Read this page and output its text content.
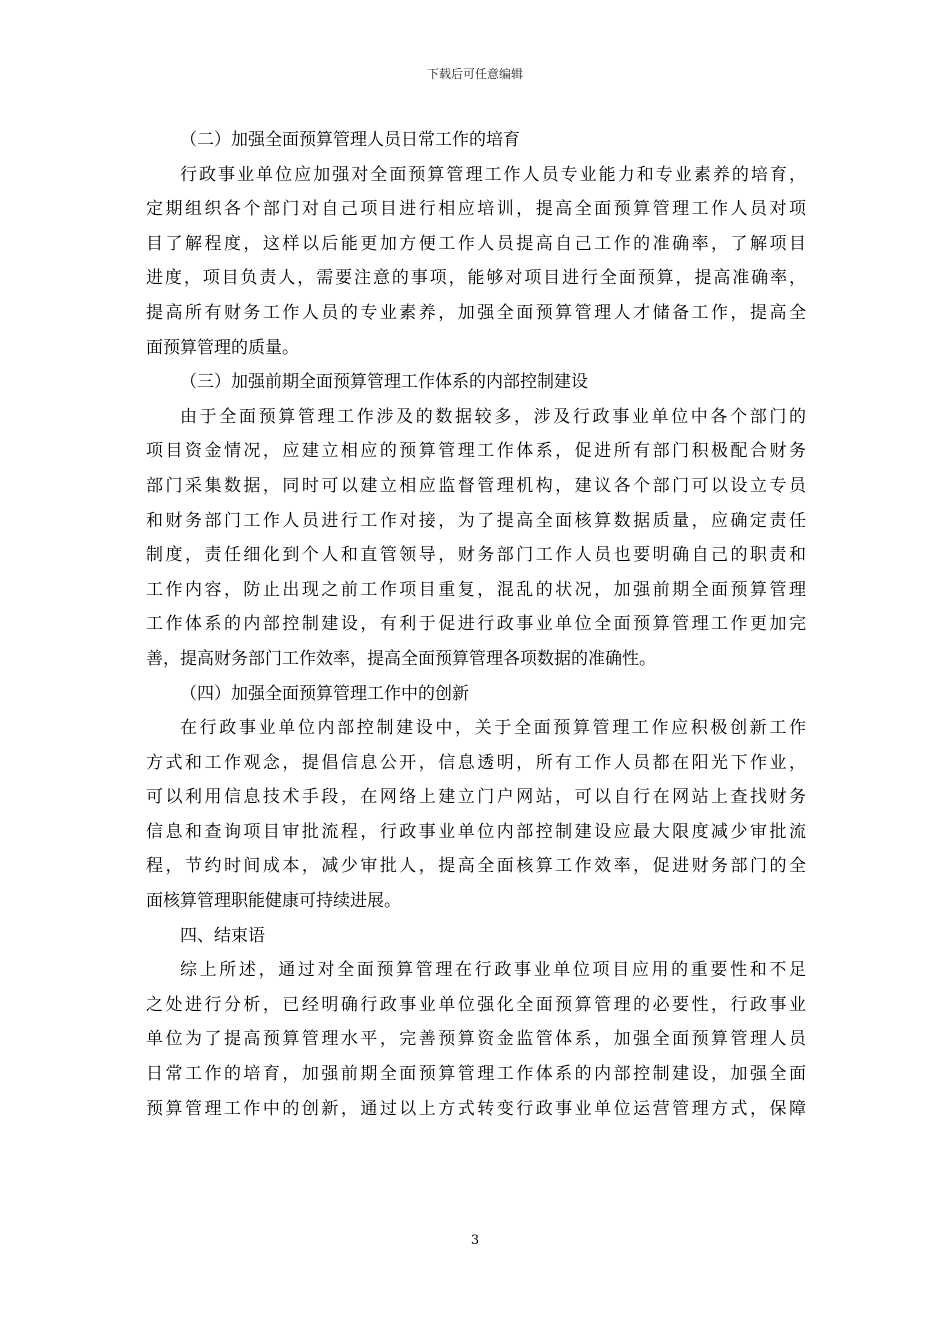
下载后可任意编辑
（二）加强全面预算管理人员日常工作的培育
行政事业单位应加强对全面预算管理工作人员专业能力和专业素养的培育，
定期组织各个部门对自己项目进行相应培训，提高全面预算管理工作人员对项
目了解程度，这样以后能更加方便工作人员提高自己工作的准确率，了解项目
进度，项目负责人，需要注意的事项，能够对项目进行全面预算，提高准确率，
提高所有财务工作人员的专业素养，加强全面预算管理人才储备工作，提高全
面预算管理的质量。
（三）加强前期全面预算管理工作体系的内部控制建设
由于全面预算管理工作涉及的数据较多，涉及行政事业单位中各个部门的
项目资金情况，应建立相应的预算管理工作体系，促进所有部门积极配合财务
部门采集数据，同时可以建立相应监督管理机构，建议各个部门可以设立专员
和财务部门工作人员进行工作对接，为了提高全面核算数据质量，应确定责任
制度，责任细化到个人和直管领导，财务部门工作人员也要明确自己的职责和
工作内容，防止出现之前工作项目重复，混乱的状况，加强前期全面预算管理
工作体系的内部控制建设，有利于促进行政事业单位全面预算管理工作更加完
善，提高财务部门工作效率，提高全面预算管理各项数据的准确性。
（四）加强全面预算管理工作中的创新
在行政事业单位内部控制建设中，关于全面预算管理工作应积极创新工作
方式和工作观念，提倡信息公开，信息透明，所有工作人员都在阳光下作业，
可以利用信息技术手段，在网络上建立门户网站，可以自行在网站上查找财务
信息和查询项目审批流程，行政事业单位内部控制建设应最大限度减少审批流
程，节约时间成本，减少审批人，提高全面核算工作效率，促进财务部门的全
面核算管理职能健康可持续进展。
四、结束语
综上所述，通过对全面预算管理在行政事业单位项目应用的重要性和不足
之处进行分析，已经明确行政事业单位强化全面预算管理的必要性，行政事业
单位为了提高预算管理水平，完善预算资金监管体系，加强全面预算管理人员
日常工作的培育，加强前期全面预算管理工作体系的内部控制建设，加强全面
预算管理工作中的创新，通过以上方式转变行政事业单位运营管理方式，保障
3
